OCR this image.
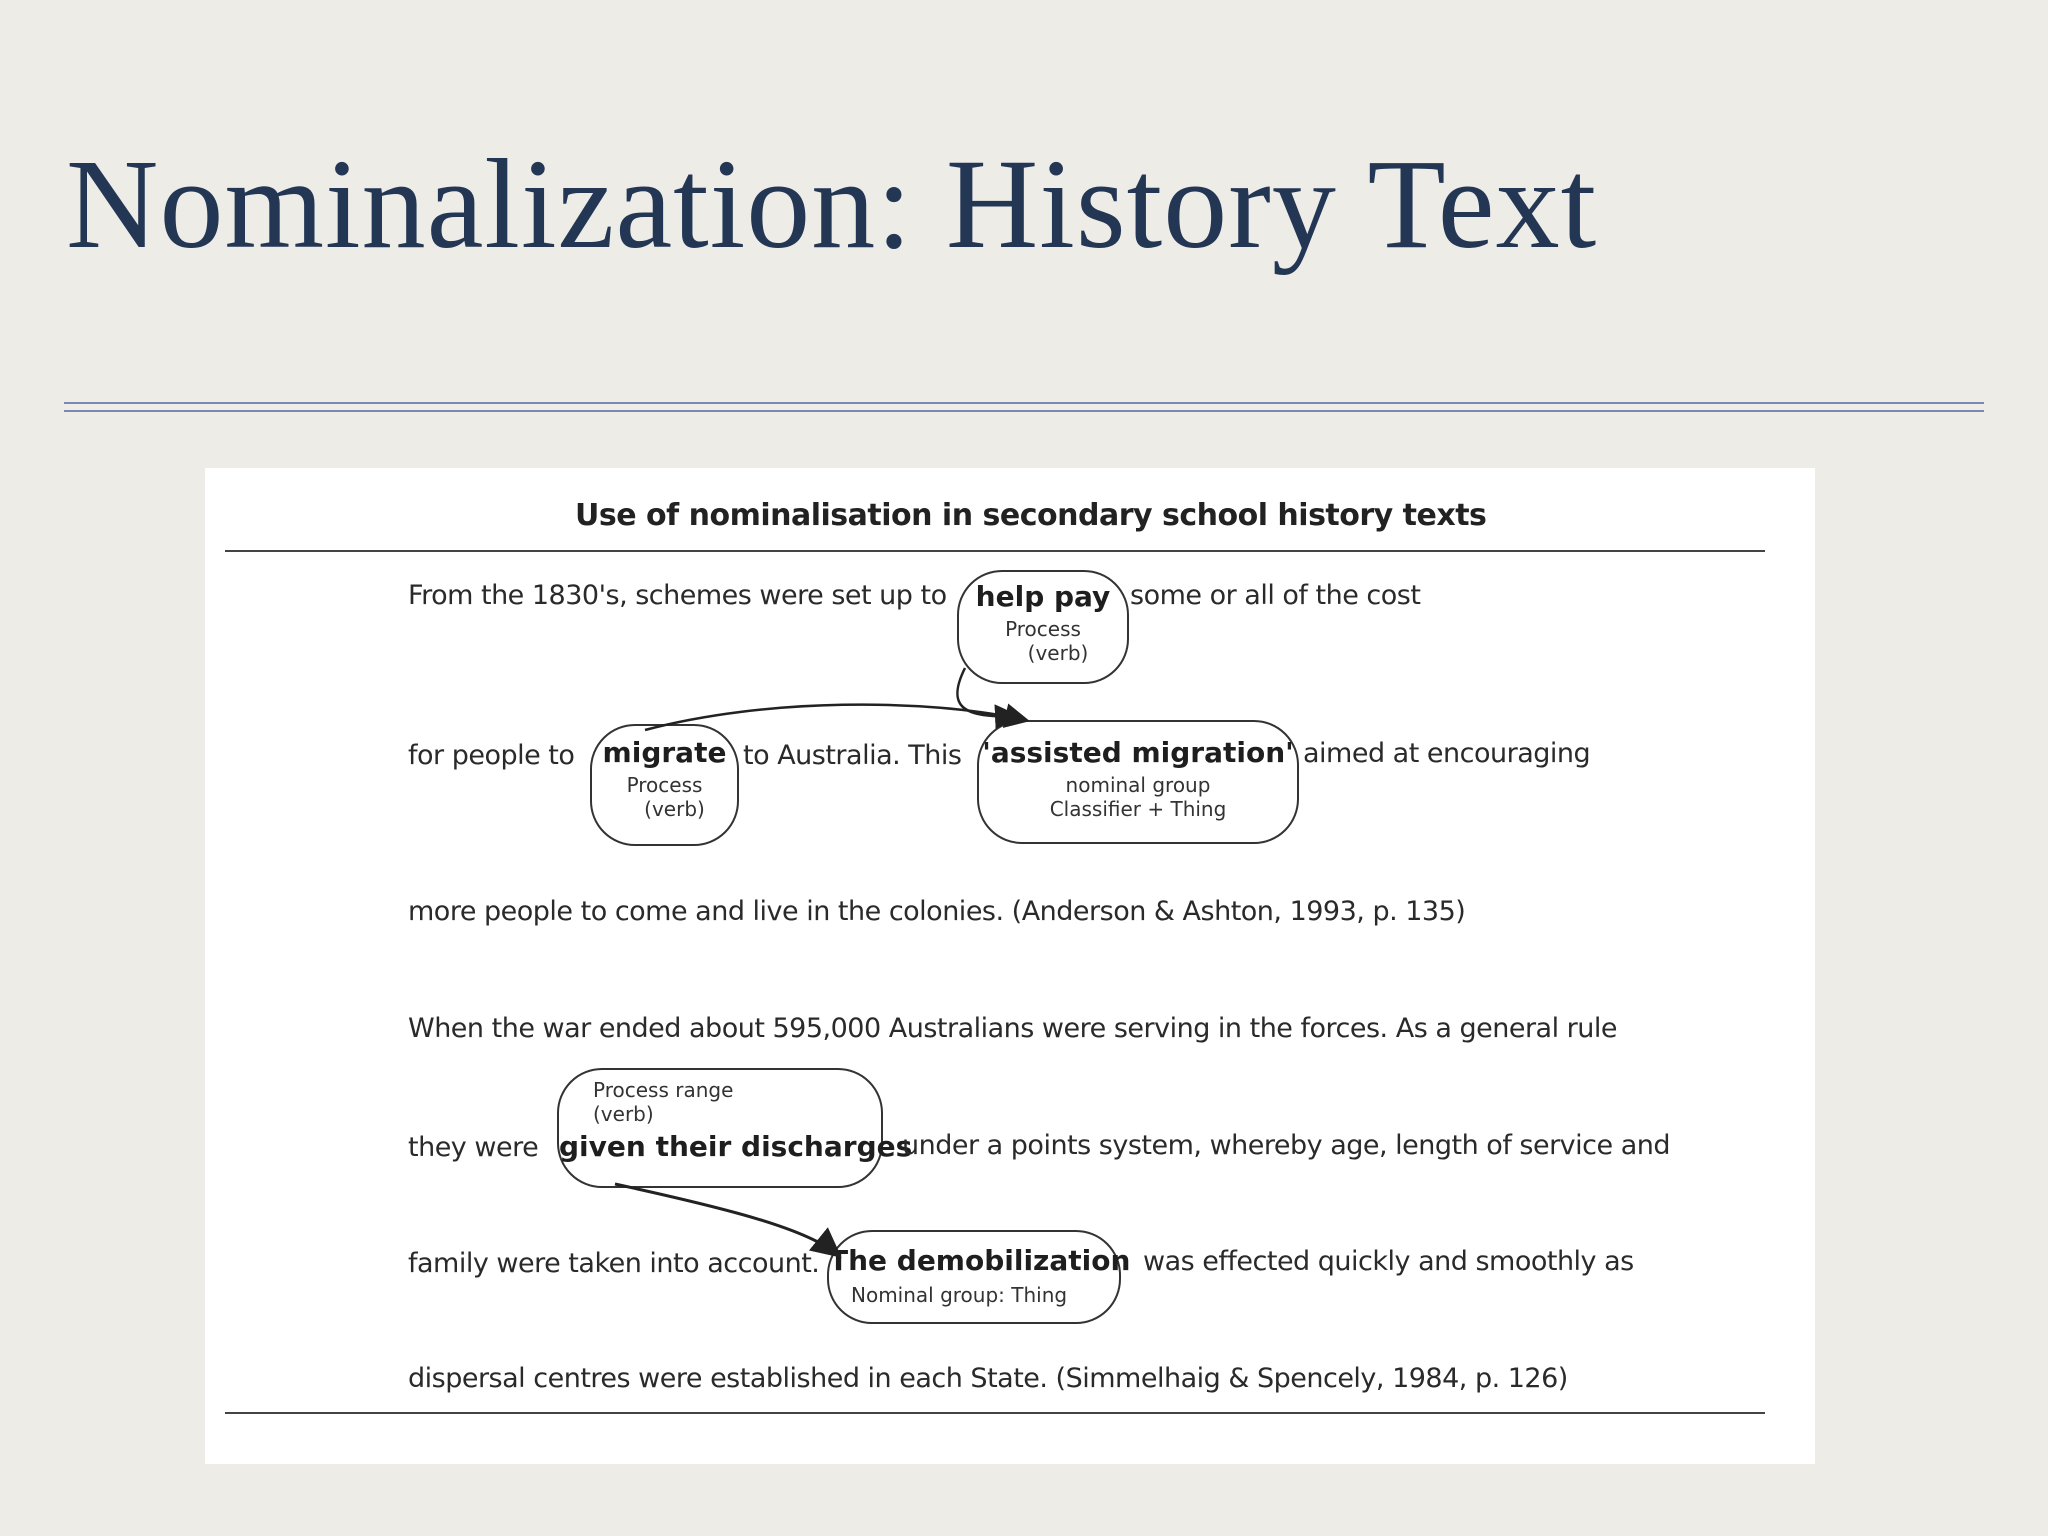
Nominalization: History Text
Use of nominalisation in secondary school history texts
From the 1830's, schemes were set up to	help pay
Process
(verb)
some or all of the cost
for people to	migrate
Process
(verb)
to Australia. This 'assisted migration'
nominal group
Classifier + Thing
aimed at encouraging
more people to come and live in the colonies. (Anderson & Ashton, 1993, p. 135)
When the war ended about 595,000 Australians were serving in the forces. As a general rule
they were
Process range
(verb)
given their discharges
under a points system, whereby age, length of service and
family were taken into account. The demobilization
Nominal group: Thing
was effected quickly and smoothly as
dispersal centres were established in each State. (Simmelhaig & Spencely, 1984, p. 126)
